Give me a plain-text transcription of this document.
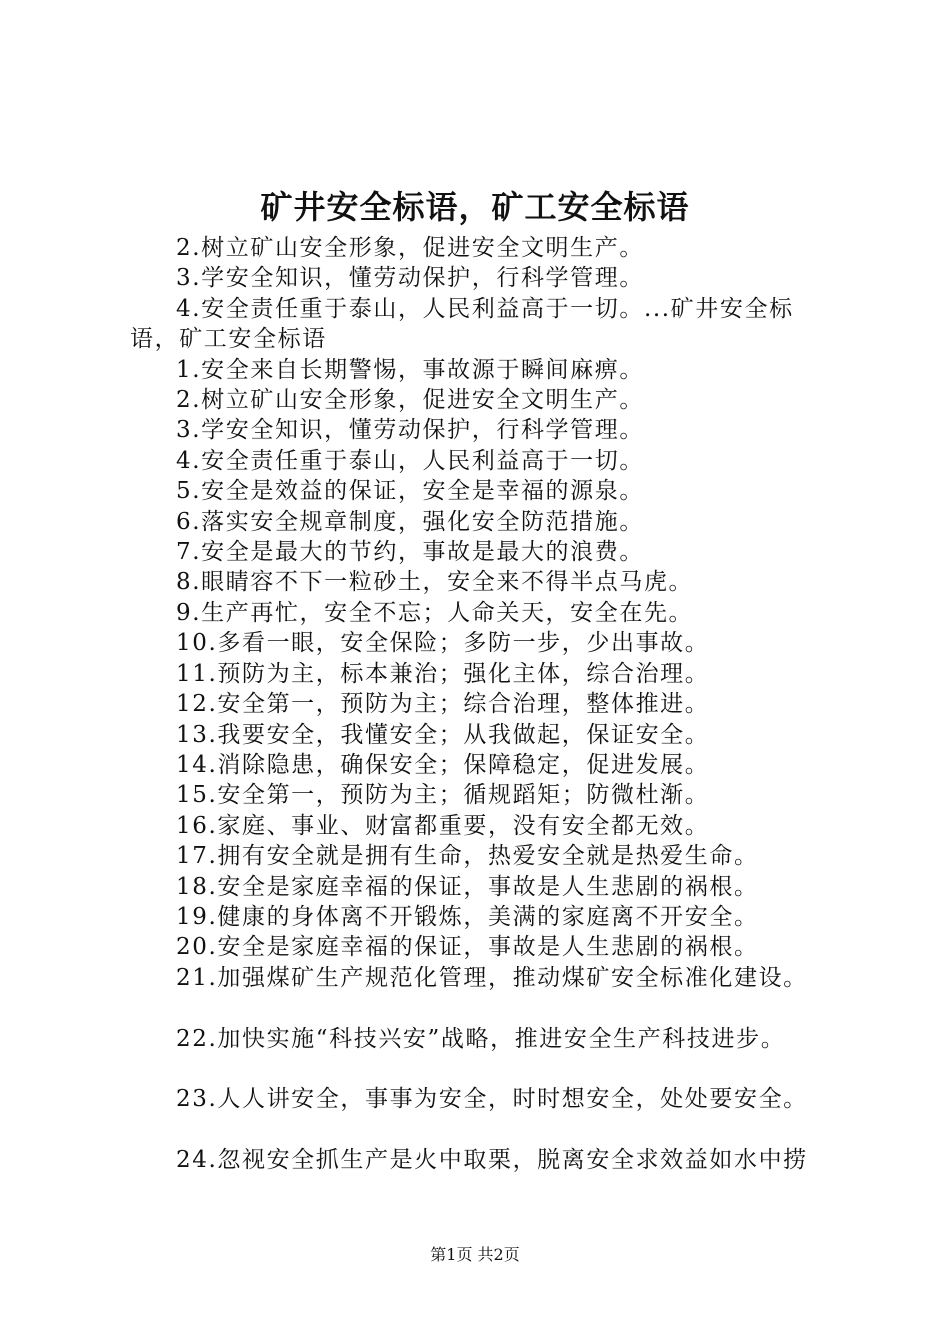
矿井安全标语，矿工安全标语

2.树立矿山安全形象，促进安全文明生产。

3.学安全知识，懂劳动保护，行科学管理。

4.安全责任重于泰山，人民利益高于一切。...矿井安全标语，矿工安全标语

1.安全来自长期警惕，事故源于瞬间麻痹。

2.树立矿山安全形象，促进安全文明生产。

3.学安全知识，懂劳动保护，行科学管理。

4.安全责任重于泰山，人民利益高于一切。

5.安全是效益的保证，安全是幸福的源泉。

6.落实安全规章制度，强化安全防范措施。

7.安全是最大的节约，事故是最大的浪费。

8.眼睛容不下一粒砂土，安全来不得半点马虎。

9.生产再忙，安全不忘；人命关天，安全在先。

10.多看一眼，安全保险；多防一步，少出事故。

11.预防为主，标本兼治；强化主体，综合治理。

12.安全第一，预防为主；综合治理，整体推进。

13.我要安全，我懂安全；从我做起，保证安全。

14.消除隐患，确保安全；保障稳定，促进发展。

15.安全第一，预防为主；循规蹈矩；防微杜渐。

16.家庭、事业、财富都重要，没有安全都无效。

17.拥有安全就是拥有生命，热爱安全就是热爱生命。

18.安全是家庭幸福的保证，事故是人生悲剧的祸根。

19.健康的身体离不开锻炼，美满的家庭离不开安全。

20.安全是家庭幸福的保证，事故是人生悲剧的祸根。

21.加强煤矿生产规范化管理，推动煤矿安全标准化建设。

22.加快实施“科技兴安”战略，推进安全生产科技进步。

23.人人讲安全，事事为安全，时时想安全，处处要安全。

24.忽视安全抓生产是火中取栗，脱离安全求效益如水中捞

第1页 共2页
